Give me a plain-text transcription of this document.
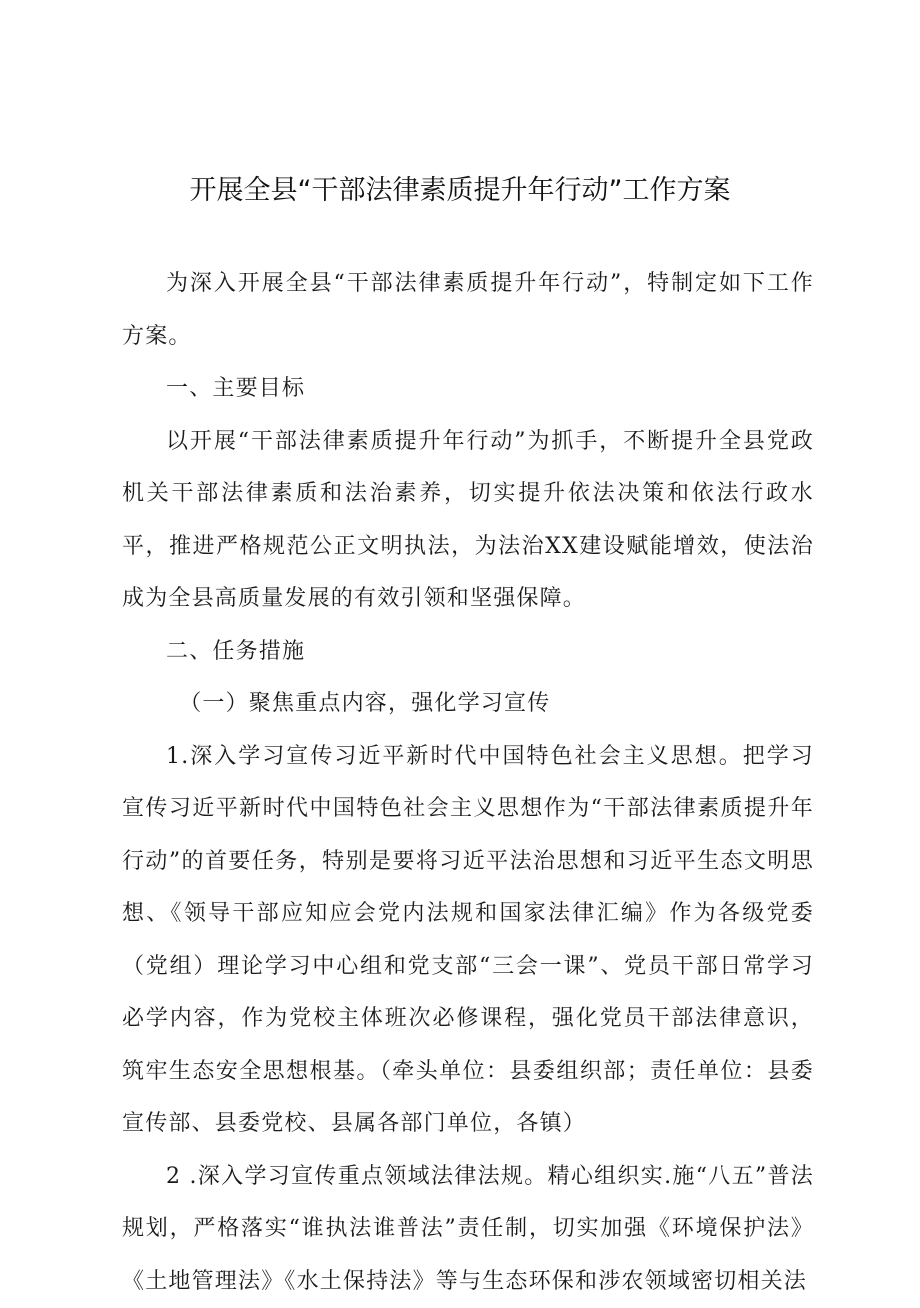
开展全县“干部法律素质提升年行动”工作方案

为深入开展全县“干部法律素质提升年行动”，特制定如下工作方案。

一、主要目标

以开展“干部法律素质提升年行动”为抓手，不断提升全县党政机关干部法律素质和法治素养，切实提升依法决策和依法行政水平，推进严格规范公正文明执法，为法治XX建设赋能增效，使法治成为全县高质量发展的有效引领和坚强保障。

二、任务措施

（一）聚焦重点内容，强化学习宣传

1.深入学习宣传习近平新时代中国特色社会主义思想。把学习宣传习近平新时代中国特色社会主义思想作为“干部法律素质提升年行动”的首要任务，特别是要将习近平法治思想和习近平生态文明思想、《领导干部应知应会党内法规和国家法律汇编》作为各级党委（党组）理论学习中心组和党支部“三会一课”、党员干部日常学习必学内容，作为党校主体班次必修课程，强化党员干部法律意识，筑牢生态安全思想根基。（牵头单位：县委组织部；责任单位：县委宣传部、县委党校、县属各部门单位，各镇）

2 .深入学习宣传重点领域法律法规。精心组织实.施“八五”普法规划，严格落实“谁执法谁普法”责任制，切实加强《环境保护法》《土地管理法》《水土保持法》等与生态环保和涉农领域密切相关法
